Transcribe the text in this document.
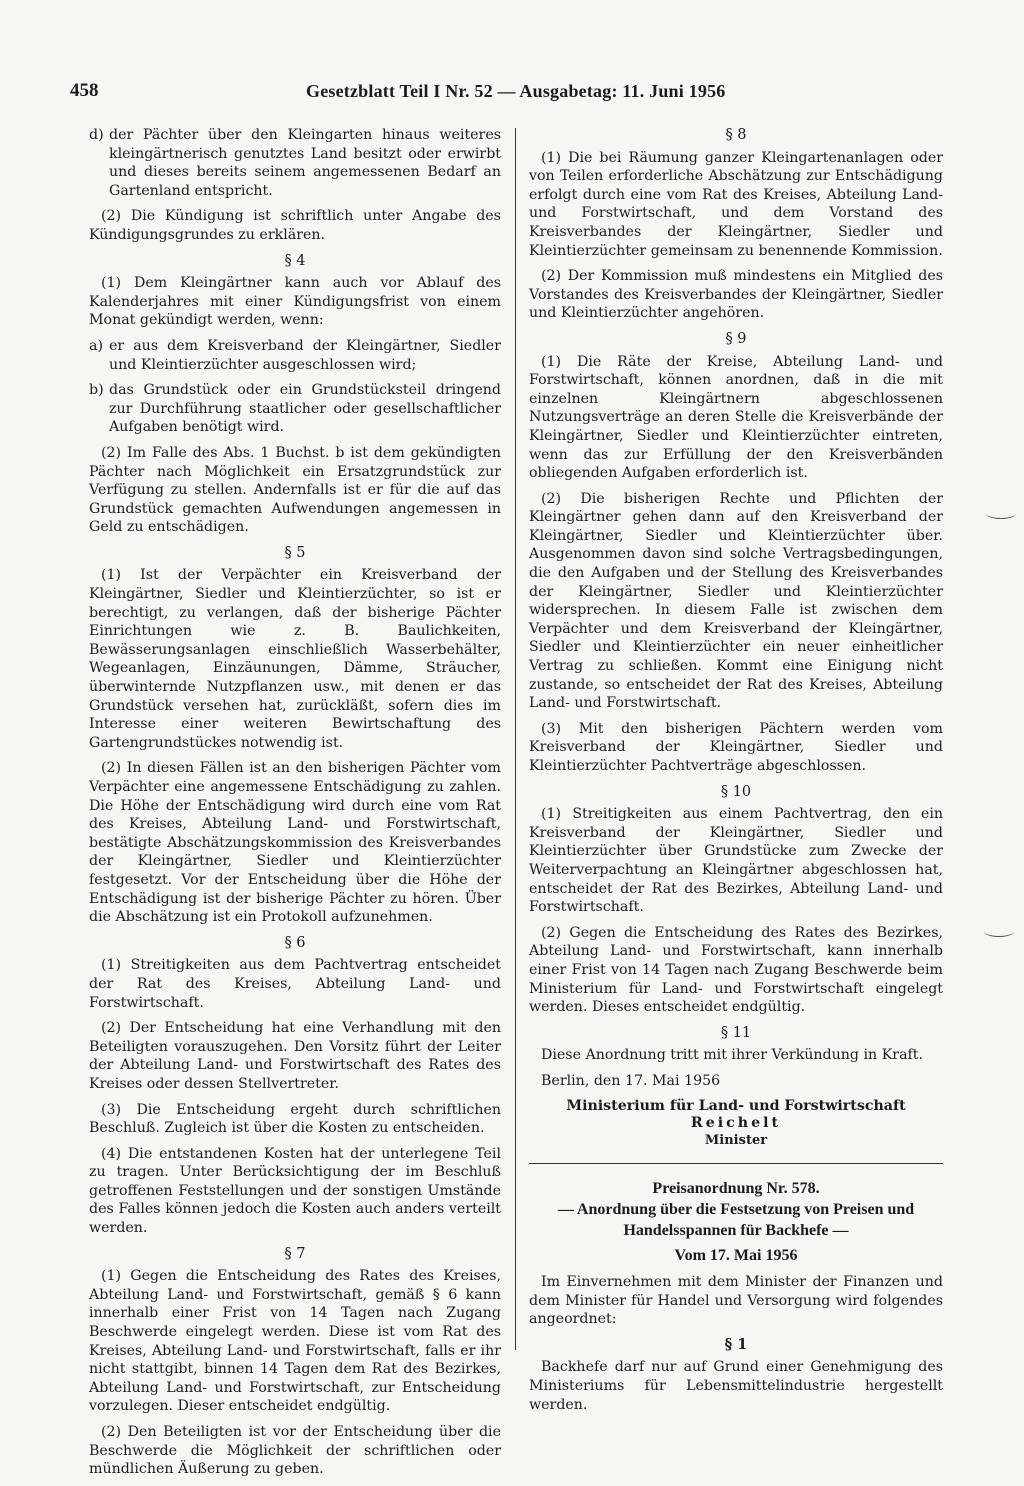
458	Gesetzblatt Teil I Nr. 52 — Ausgabetag: 11. Juni 1956

d) der Pächter über den Kleingarten hinaus weiteres kleingärtnerisch genutztes Land besitzt oder erwirbt und dieses bereits seinem angemessenen Bedarf an Gartenland entspricht.

(2) Die Kündigung ist schriftlich unter Angabe des Kündigungsgrundes zu erklären.

§ 4

(1) Dem Kleingärtner kann auch vor Ablauf des Kalenderjahres mit einer Kündigungsfrist von einem Monat gekündigt werden, wenn:

a) er aus dem Kreisverband der Kleingärtner, Siedler und Kleintierzüchter ausgeschlossen wird;

b) das Grundstück oder ein Grundstücksteil dringend zur Durchführung staatlicher oder gesellschaftlicher Aufgaben benötigt wird.

(2) Im Falle des Abs. 1 Buchst. b ist dem gekündigten Pächter nach Möglichkeit ein Ersatzgrundstück zur Verfügung zu stellen. Andernfalls ist er für die auf das Grundstück gemachten Aufwendungen angemessen in Geld zu entschädigen.

§ 5

(1) Ist der Verpächter ein Kreisverband der Kleingärtner, Siedler und Kleintierzüchter, so ist er berechtigt, zu verlangen, daß der bisherige Pächter Einrichtungen wie z. B. Baulichkeiten, Bewässerungsanlagen einschließlich Wasserbehälter, Wegeanlagen, Einzäunungen, Dämme, Sträucher, überwinternde Nutzpflanzen usw., mit denen er das Grundstück versehen hat, zurückläßt, sofern dies im Interesse einer weiteren Bewirtschaftung des Gartengrundstückes notwendig ist.

(2) In diesen Fällen ist an den bisherigen Pächter vom Verpächter eine angemessene Entschädigung zu zahlen. Die Höhe der Entschädigung wird durch eine vom Rat des Kreises, Abteilung Land- und Forstwirtschaft, bestätigte Abschätzungskommission des Kreisverbandes der Kleingärtner, Siedler und Kleintierzüchter festgesetzt. Vor der Entscheidung über die Höhe der Entschädigung ist der bisherige Pächter zu hören. Über die Abschätzung ist ein Protokoll aufzunehmen.

§ 6

(1) Streitigkeiten aus dem Pachtvertrag entscheidet der Rat des Kreises, Abteilung Land- und Forstwirtschaft.

(2) Der Entscheidung hat eine Verhandlung mit den Beteiligten vorauszugehen. Den Vorsitz führt der Leiter der Abteilung Land- und Forstwirtschaft des Rates des Kreises oder dessen Stellvertreter.

(3) Die Entscheidung ergeht durch schriftlichen Beschluß. Zugleich ist über die Kosten zu entscheiden.

(4) Die entstandenen Kosten hat der unterlegene Teil zu tragen. Unter Berücksichtigung der im Beschluß getroffenen Feststellungen und der sonstigen Umstände des Falles können jedoch die Kosten auch anders verteilt werden.

§ 7

(1) Gegen die Entscheidung des Rates des Kreises, Abteilung Land- und Forstwirtschaft, gemäß § 6 kann innerhalb einer Frist von 14 Tagen nach Zugang Beschwerde eingelegt werden. Diese ist vom Rat des Kreises, Abteilung Land- und Forstwirtschaft, falls er ihr nicht stattgibt, binnen 14 Tagen dem Rat des Bezirkes, Abteilung Land- und Forstwirtschaft, zur Entscheidung vorzulegen. Dieser entscheidet endgültig.

(2) Den Beteiligten ist vor der Entscheidung über die Beschwerde die Möglichkeit der schriftlichen oder mündlichen Äußerung zu geben.

§ 8

(1) Die bei Räumung ganzer Kleingartenanlagen oder von Teilen erforderliche Abschätzung zur Entschädigung erfolgt durch eine vom Rat des Kreises, Abteilung Land- und Forstwirtschaft, und dem Vorstand des Kreisverbandes der Kleingärtner, Siedler und Kleintierzüchter gemeinsam zu benennende Kommission.

(2) Der Kommission muß mindestens ein Mitglied des Vorstandes des Kreisverbandes der Kleingärtner, Siedler und Kleintierzüchter angehören.

§ 9

(1) Die Räte der Kreise, Abteilung Land- und Forstwirtschaft, können anordnen, daß in die mit einzelnen Kleingärtnern abgeschlossenen Nutzungsverträge an deren Stelle die Kreisverbände der Kleingärtner, Siedler und Kleintierzüchter eintreten, wenn das zur Erfüllung der den Kreisverbänden obliegenden Aufgaben erforderlich ist.

(2) Die bisherigen Rechte und Pflichten der Kleingärtner gehen dann auf den Kreisverband der Kleingärtner, Siedler und Kleintierzüchter über. Ausgenommen davon sind solche Vertragsbedingungen, die den Aufgaben und der Stellung des Kreisverbandes der Kleingärtner, Siedler und Kleintierzüchter widersprechen. In diesem Falle ist zwischen dem Verpächter und dem Kreisverband der Kleingärtner, Siedler und Kleintierzüchter ein neuer einheitlicher Vertrag zu schließen. Kommt eine Einigung nicht zustande, so entscheidet der Rat des Kreises, Abteilung Land- und Forstwirtschaft.

(3) Mit den bisherigen Pächtern werden vom Kreisverband der Kleingärtner, Siedler und Kleintierzüchter Pachtverträge abgeschlossen.

§ 10

(1) Streitigkeiten aus einem Pachtvertrag, den ein Kreisverband der Kleingärtner, Siedler und Kleintierzüchter über Grundstücke zum Zwecke der Weiterverpachtung an Kleingärtner abgeschlossen hat, entscheidet der Rat des Bezirkes, Abteilung Land- und Forstwirtschaft.

(2) Gegen die Entscheidung des Rates des Bezirkes, Abteilung Land- und Forstwirtschaft, kann innerhalb einer Frist von 14 Tagen nach Zugang Beschwerde beim Ministerium für Land- und Forstwirtschaft eingelegt werden. Dieses entscheidet endgültig.

§ 11

Diese Anordnung tritt mit ihrer Verkündung in Kraft.

Berlin, den 17. Mai 1956

Ministerium für Land- und Forstwirtschaft
Reichelt
Minister
Preisanordnung Nr. 578.
— Anordnung über die Festsetzung von Preisen und Handelsspannen für Backhefe —
Vom 17. Mai 1956

Im Einvernehmen mit dem Minister der Finanzen und dem Minister für Handel und Versorgung wird folgendes angeordnet:

§ 1

Backhefe darf nur auf Grund einer Genehmigung des Ministeriums für Lebensmittelindustrie hergestellt werden.
